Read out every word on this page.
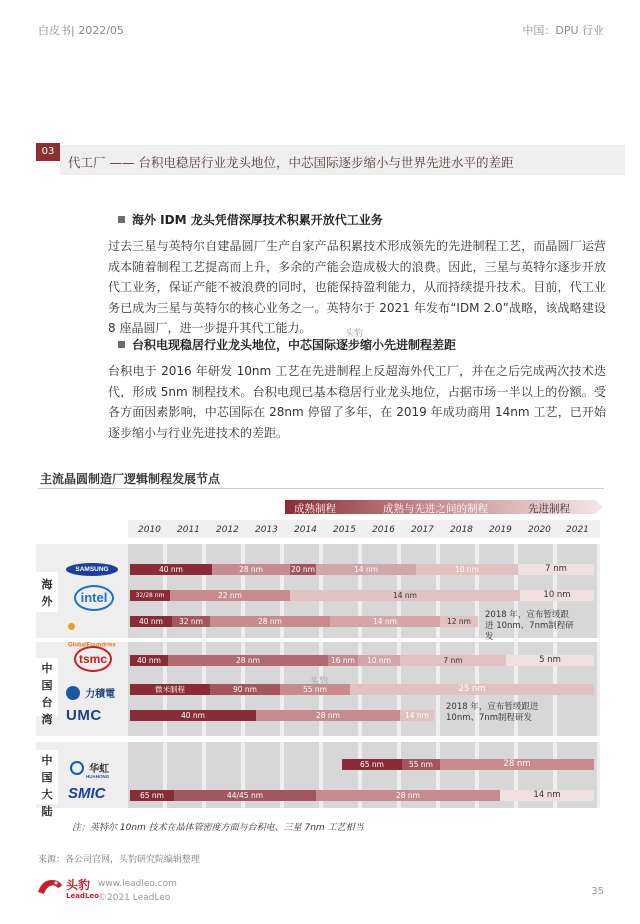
白皮书| 2022/05	中国：DPU 行业
03
代工厂 —— 台积电稳居行业龙头地位，中芯国际逐步缩小与世界先进水平的差距
海外 IDM 龙头凭借深厚技术积累开放代工业务
过去三星与英特尔自建晶圆厂生产自家产品积累技术形成领先的先进制程工艺，而晶圆厂运营成本随着制程工艺提高而上升，多余的产能会造成极大的浪费。因此，三星与英特尔逐步开放代工业务，保证产能不被浪费的同时，也能保持盈利能力，从而持续提升技术。目前，代工业务已成为三星与英特尔的核心业务之一。英特尔于 2021 年发布“IDM 2.0”战略，该战略建设 8 座晶圆厂，进一步提升其代工能力。	头豹
台积电现稳居行业龙头地位，中芯国际逐步缩小先进制程差距
台积电于 2016 年研发 10nm 工艺在先进制程上反超海外代工厂，并在之后完成两次技术迭代，形成 5nm 制程技术。台积电现已基本稳居行业龙头地位，占据市场一半以上的份额。受各方面因素影响，中芯国际在 28nm 停留了多年，在 2019 年成功商用 14nm 工艺，已开始逐步缩小与行业先进技术的差距。
主流晶圆制造厂逻辑制程发展节点
成熟制程	成熟与先进之间的制程	先进制程
2010 2011 2012 2013 2014 2015 2016 2017 2018 2019 2020 2021
海外
中国台湾
中国大陆
SAMSUNG
intel
GlobalFoundries
tsmc
力積電
UMC
华虹
HUAHONG
SMIC
40 nm	28 nm	20 nm	14 nm	10 nm	7 nm
32/28 nm	22 nm	14 nm	10 nm
40 nm	32 nm	28 nm	14 nm	12 nm
2018 年，宣布暂缓跟进 10nm、7nm制程研发
40 nm	28 nm	16 nm	10 nm	7 nm	5 nm
微米制程	90 nm	55 nm	25 nm
头豹
40 nm	28 nm	14 nm
2018 年，宣布暂缓跟进 10nm、7nm制程研发
65 nm	55 nm	28 nm
65 nm	44/45 nm	28 nm	14 nm
注：英特尔 10nm 技术在晶体管密度方面与台积电、三星 7nm 工艺相当
来源：各公司官网，头豹研究院编辑整理
头豹
LeadLeo
www.leadleo.com
©2021 LeadLeo
35
